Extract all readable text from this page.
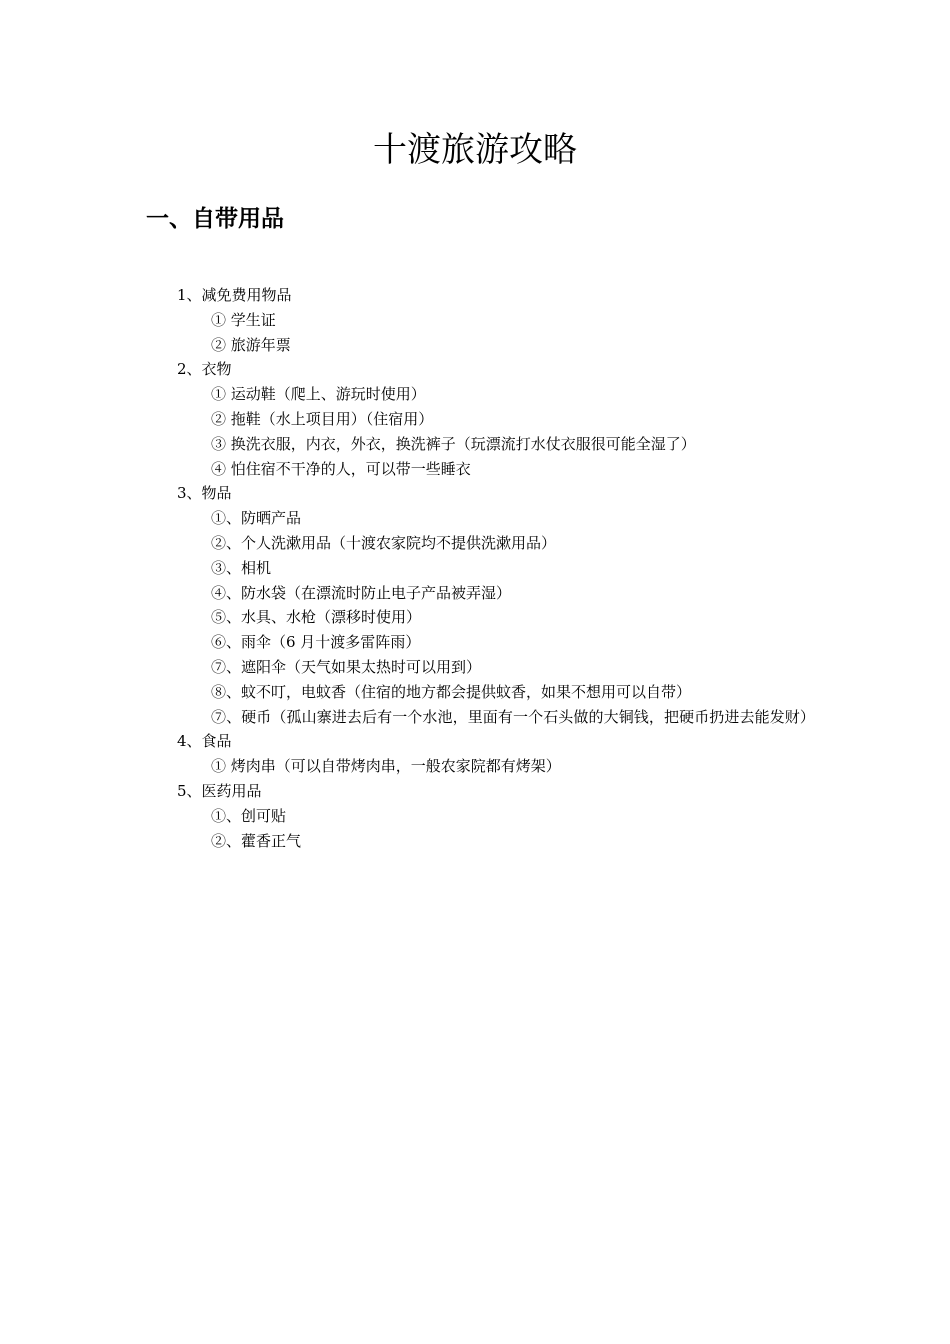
十渡旅游攻略
一、自带用品
1、减免费用物品
① 学生证
② 旅游年票
2、衣物
① 运动鞋（爬上、游玩时使用）
② 拖鞋（水上项目用）（住宿用）
③ 换洗衣服，内衣，外衣，换洗裤子（玩漂流打水仗衣服很可能全湿了）
④ 怕住宿不干净的人，可以带一些睡衣
3、物品
①、防晒产品
②、个人洗漱用品（十渡农家院均不提供洗漱用品）
③、相机
④、防水袋（在漂流时防止电子产品被弄湿）
⑤、水具、水枪（漂移时使用）
⑥、雨伞（6 月十渡多雷阵雨）
⑦、遮阳伞（天气如果太热时可以用到）
⑧、蚊不叮，电蚊香（住宿的地方都会提供蚊香，如果不想用可以自带）
⑦、硬币（孤山寨进去后有一个水池，里面有一个石头做的大铜钱，把硬币扔进去能发财）
4、食品
① 烤肉串（可以自带烤肉串，一般农家院都有烤架）
5、医药用品
①、创可贴
②、藿香正气
